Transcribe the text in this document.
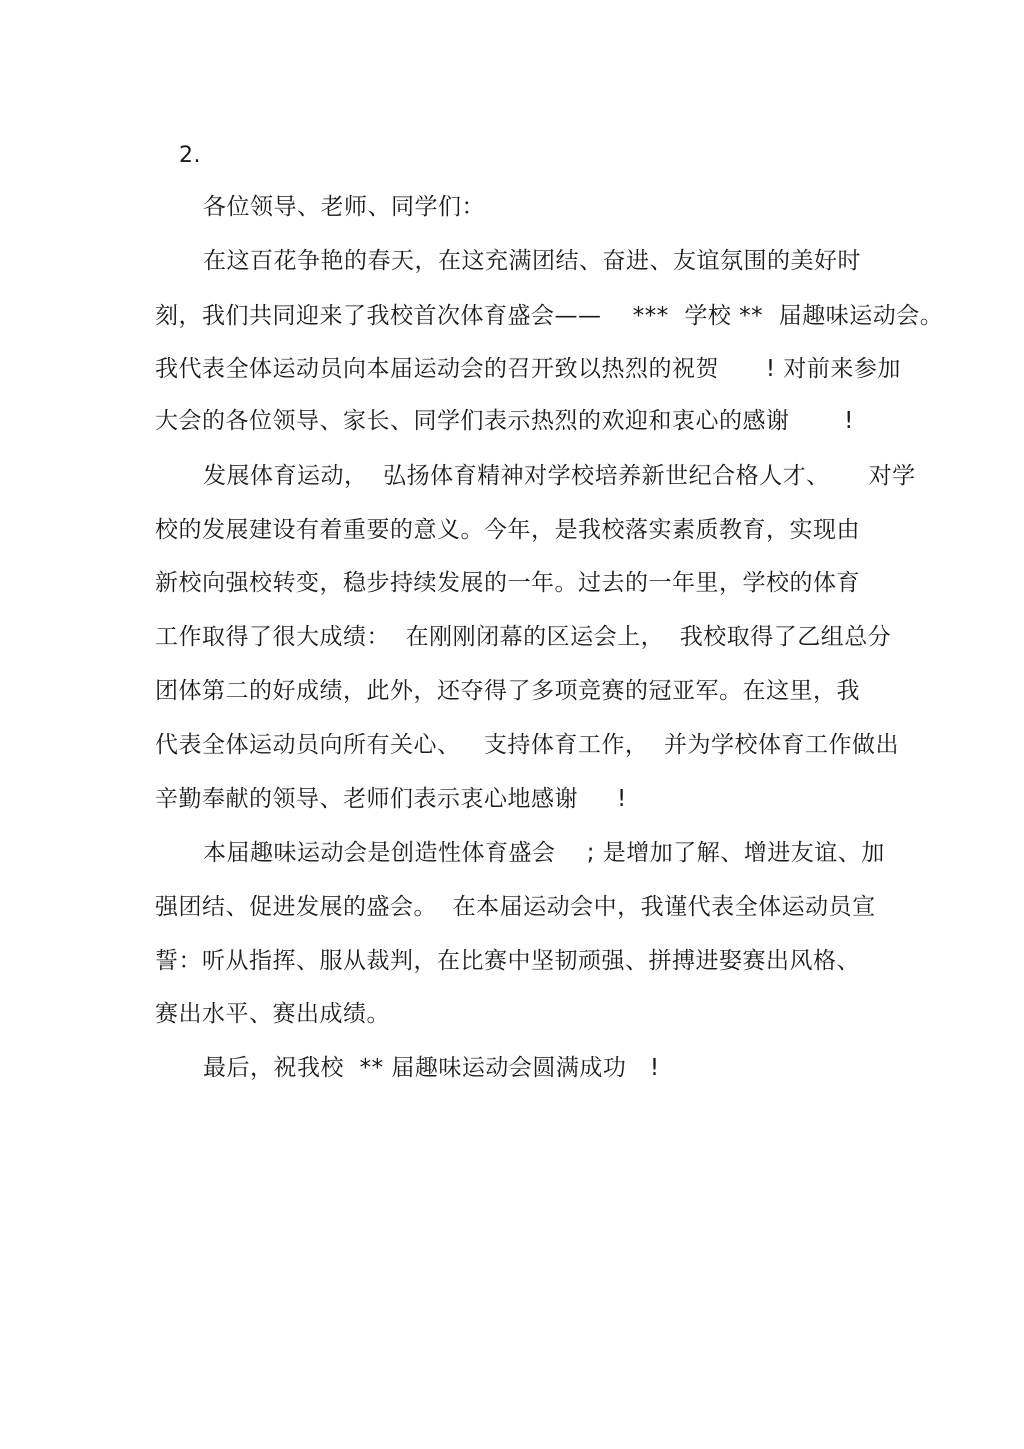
2.
各位领导、老师、同学们：
在这百花争艳的春天，在这充满团结、奋进、友谊氛围的美好时
刻，我们共同迎来了我校首次体育盛会——    ***  学校 **  届趣味运动会。
我代表全体运动员向本届运动会的召开致以热烈的祝贺      ! 对前来参加
大会的各位领导、家长、同学们表示热烈的欢迎和衷心的感谢       !
发展体育运动，  弘扬体育精神对学校培养新世纪合格人才、     对学
校的发展建设有着重要的意义。今年，是我校落实素质教育，实现由
新校向强校转变，稳步持续发展的一年。过去的一年里，学校的体育
工作取得了很大成绩：  在刚刚闭幕的区运会上，  我校取得了乙组总分
团体第二的好成绩，此外，还夺得了多项竞赛的冠亚军。在这里，我
代表全体运动员向所有关心、   支持体育工作，  并为学校体育工作做出
辛勤奉献的领导、老师们表示衷心地感谢     !
本届趣味运动会是创造性体育盛会    ; 是增加了解、增进友谊、加
强团结、促进发展的盛会。  在本届运动会中，我谨代表全体运动员宣
誓：听从指挥、服从裁判，在比赛中坚韧顽强、拼搏进娶赛出风格、
赛出水平、赛出成绩。
最后，祝我校  ** 届趣味运动会圆满成功   !
